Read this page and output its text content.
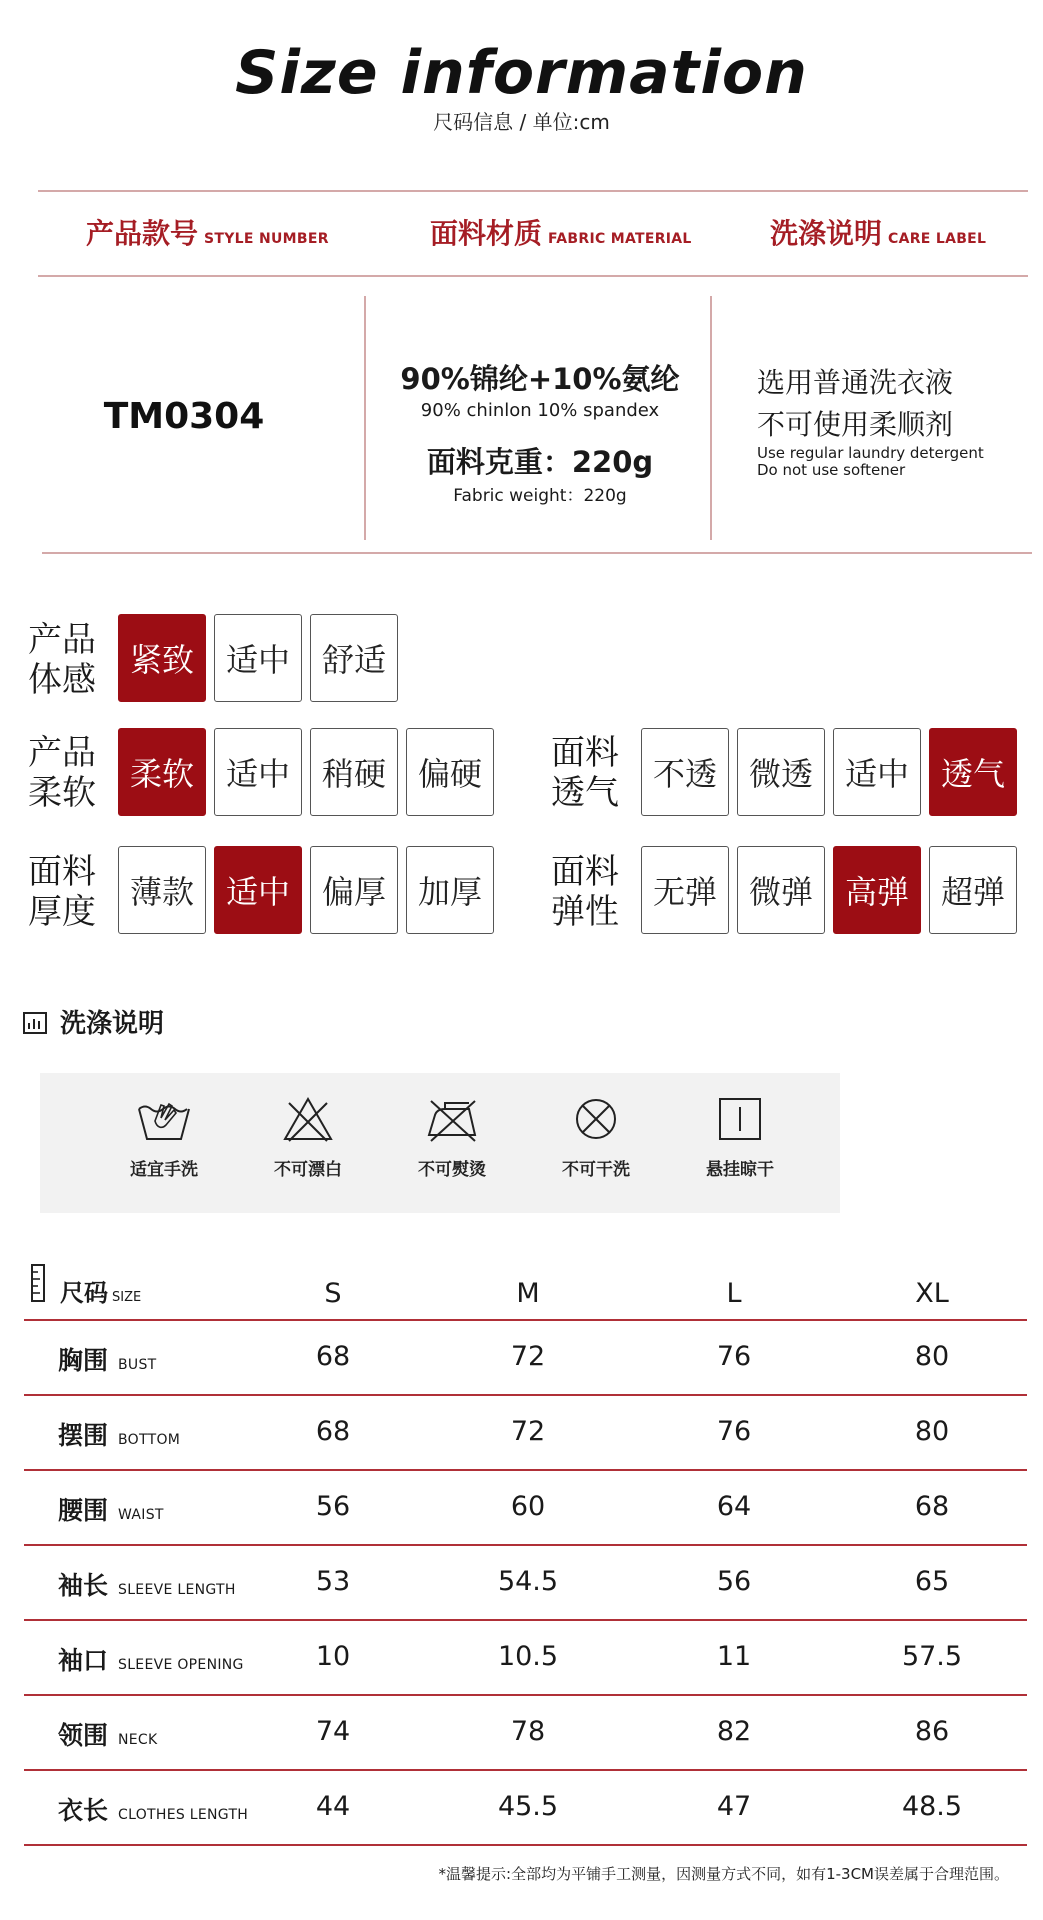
Size information
尺码信息 / 单位:cm
产品款号 STYLE NUMBER	面料材质 FABRIC MATERIAL	洗涤说明 CARE LABEL
TM0304
90%锦纶+10%氨纶
90% chinlon 10% spandex
面料克重：220g
Fabric weight：220g
选用普通洗衣液
不可使用柔顺剂
Use regular laundry detergent
Do not use softener
产品
体感	紧致 适中 舒适
产品
柔软	柔软 适中 稍硬 偏硬
面料
透气	不透 微透 适中 透气
面料
厚度	薄款 适中 偏厚 加厚	面料
弹性	无弹 微弹 高弹 超弹
洗涤说明
适宜手洗	不可漂白	不可熨烫	不可干洗	悬挂晾干
尺码 SIZE	S	M	L	XL
胸围 BUST	68	72	76	80
摆围 BOTTOM	68	72	76	80
腰围 WAIST	56	60	64	68
袖长 SLEEVE LENGTH	53	54.5	56	65
袖口 SLEEVE OPENING	10	10.5	11	57.5
领围 NECK	74	78	82	86
衣长 CLOTHES LENGTH	44	45.5	47	48.5
*温馨提示:全部均为平铺手工测量，因测量方式不同，如有1-3CM误差属于合理范围。
